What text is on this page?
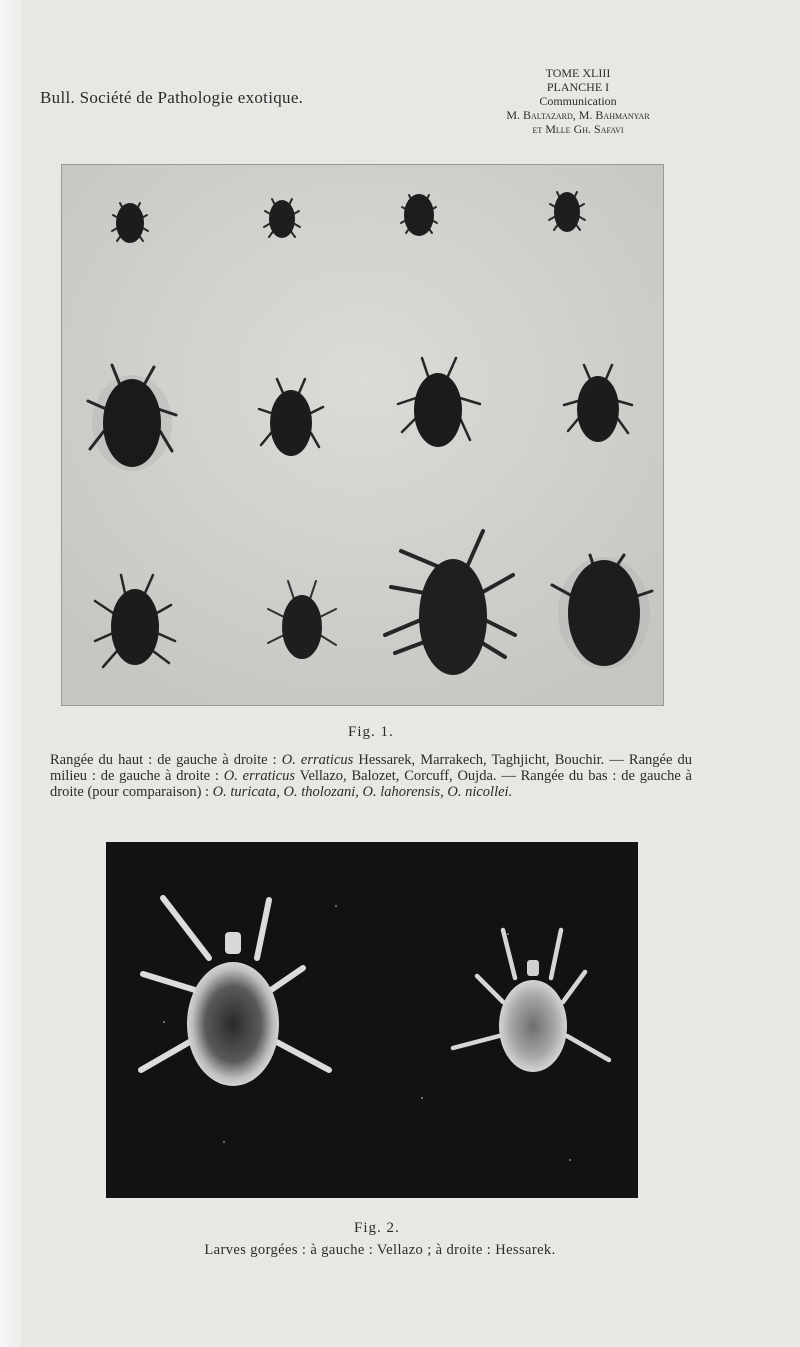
Bull. Société de Pathologie exotique.
TOME XLIII
PLANCHE I
Communication
M. Baltazard, M. Bahmanyar
et Mlle Gh. Safavi
Fig. 1.
Rangée du haut : de gauche à droite : O. erraticus Hessarek, Marrakech, Taghjicht, Bouchir. — Rangée du milieu : de gauche à droite : O. erraticus Vellazo, Balozet, Corcuff, Oujda. — Rangée du bas : de gauche à droite (pour comparaison) : O. turicata, O. tholozani, O. lahorensis, O. nicollei.
Fig. 2.
Larves gorgées : à gauche : Vellazo ; à droite : Hessarek.
